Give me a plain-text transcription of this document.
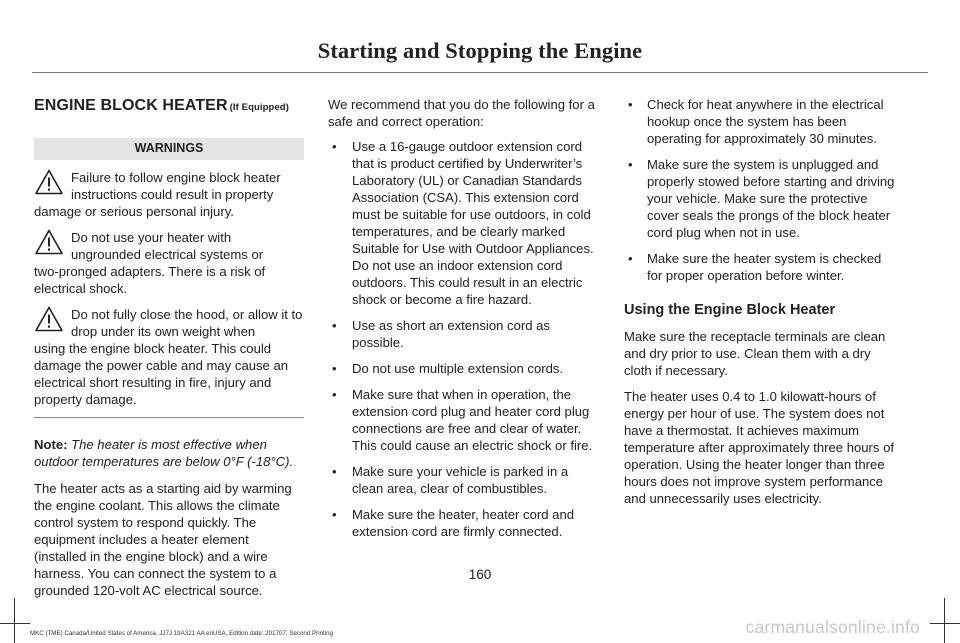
Starting and Stopping the Engine
ENGINE BLOCK HEATER (If Equipped)
WARNINGS
Failure to follow engine block heater instructions could result in property
damage or serious personal injury.
Do not use your heater with ungrounded electrical systems or
two-pronged adapters. There is a risk of electrical shock.
Do not fully close the hood, or allow it to drop under its own weight when
using the engine block heater. This could damage the power cable and may cause an electrical short resulting in fire, injury and property damage.
Note: The heater is most effective when outdoor temperatures are below 0°F (-18°C).
The heater acts as a starting aid by warming the engine coolant. This allows the climate control system to respond quickly. The equipment includes a heater element (installed in the engine block) and a wire harness. You can connect the system to a grounded 120-volt AC electrical source.
We recommend that you do the following for a safe and correct operation:
• Use a 16-gauge outdoor extension cord that is product certified by Underwriter’s Laboratory (UL) or Canadian Standards Association (CSA). This extension cord must be suitable for use outdoors, in cold temperatures, and be clearly marked Suitable for Use with Outdoor Appliances. Do not use an indoor extension cord outdoors. This could result in an electric shock or become a fire hazard.
• Use as short an extension cord as possible.
• Do not use multiple extension cords.
• Make sure that when in operation, the extension cord plug and heater cord plug connections are free and clear of water. This could cause an electric shock or fire.
• Make sure your vehicle is parked in a clean area, clear of combustibles.
• Make sure the heater, heater cord and extension cord are firmly connected.
• Check for heat anywhere in the electrical hookup once the system has been operating for approximately 30 minutes.
• Make sure the system is unplugged and properly stowed before starting and driving your vehicle. Make sure the protective cover seals the prongs of the block heater cord plug when not in use.
• Make sure the heater system is checked for proper operation before winter.
Using the Engine Block Heater
Make sure the receptacle terminals are clean and dry prior to use. Clean them with a dry cloth if necessary.
The heater uses 0.4 to 1.0 kilowatt-hours of energy per hour of use. The system does not have a thermostat. It achieves maximum temperature after approximately three hours of operation. Using the heater longer than three hours does not improve system performance and unnecessarily uses electricity.
160
MKC (TME) Canada/United States of America, JJ7J 19A321 AA enUSA, Edition date: 201707, Second Printing	carmanualsonline.info
